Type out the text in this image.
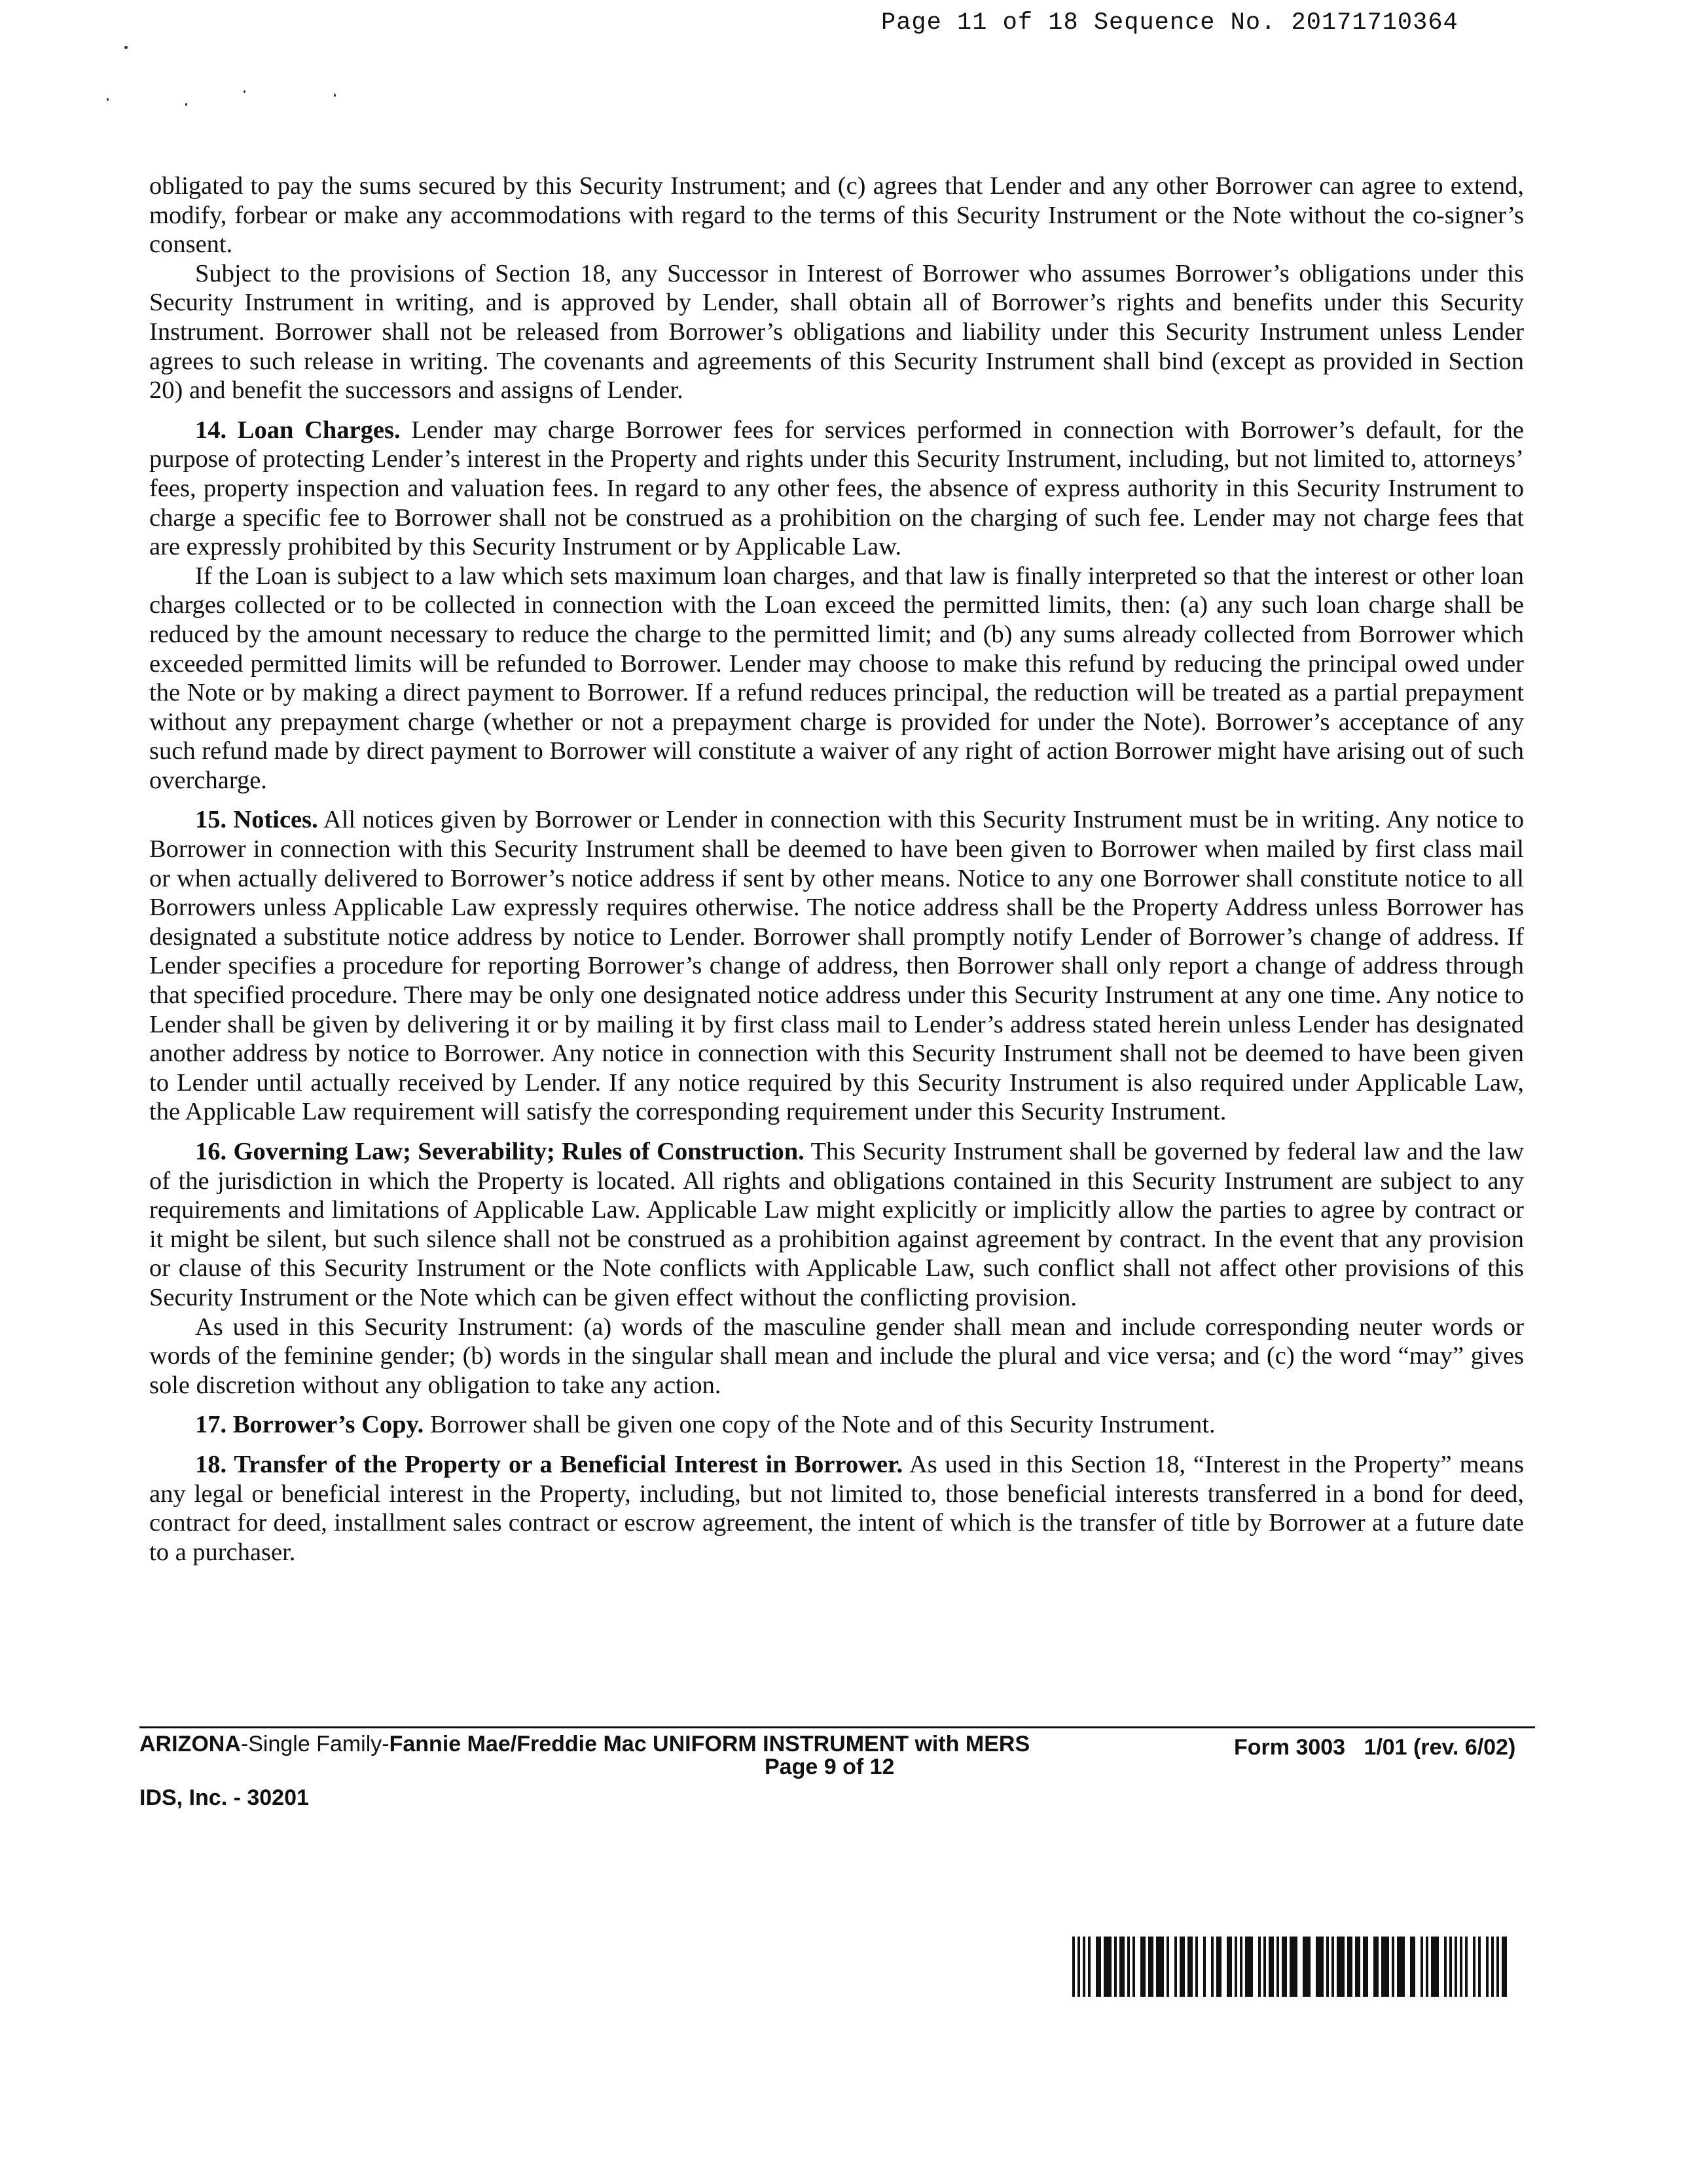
Page 11 of 18 Sequence No. 20171710364

obligated to pay the sums secured by this Security Instrument; and (c) agrees that Lender and any other Borrower can agree to extend, modify, forbear or make any accommodations with regard to the terms of this Security Instrument or the Note without the co-signer’s consent.

Subject to the provisions of Section 18, any Successor in Interest of Borrower who assumes Borrower’s obligations under this Security Instrument in writing, and is approved by Lender, shall obtain all of Borrower’s rights and benefits under this Security Instrument. Borrower shall not be released from Borrower’s obligations and liability under this Security Instrument unless Lender agrees to such release in writing. The covenants and agreements of this Security Instrument shall bind (except as provided in Section 20) and benefit the successors and assigns of Lender.

14. Loan Charges. Lender may charge Borrower fees for services performed in connection with Borrower’s default, for the purpose of protecting Lender’s interest in the Property and rights under this Security Instrument, including, but not limited to, attorneys’ fees, property inspection and valuation fees. In regard to any other fees, the absence of express authority in this Security Instrument to charge a specific fee to Borrower shall not be construed as a prohibition on the charging of such fee. Lender may not charge fees that are expressly prohibited by this Security Instrument or by Applicable Law.

If the Loan is subject to a law which sets maximum loan charges, and that law is finally interpreted so that the interest or other loan charges collected or to be collected in connection with the Loan exceed the permitted limits, then: (a) any such loan charge shall be reduced by the amount necessary to reduce the charge to the permitted limit; and (b) any sums already collected from Borrower which exceeded permitted limits will be refunded to Borrower. Lender may choose to make this refund by reducing the principal owed under the Note or by making a direct payment to Borrower. If a refund reduces principal, the reduction will be treated as a partial prepayment without any prepayment charge (whether or not a prepayment charge is provided for under the Note). Borrower’s acceptance of any such refund made by direct payment to Borrower will constitute a waiver of any right of action Borrower might have arising out of such overcharge.

15. Notices. All notices given by Borrower or Lender in connection with this Security Instrument must be in writing. Any notice to Borrower in connection with this Security Instrument shall be deemed to have been given to Borrower when mailed by first class mail or when actually delivered to Borrower’s notice address if sent by other means. Notice to any one Borrower shall constitute notice to all Borrowers unless Applicable Law expressly requires otherwise. The notice address shall be the Property Address unless Borrower has designated a substitute notice address by notice to Lender. Borrower shall promptly notify Lender of Borrower’s change of address. If Lender specifies a procedure for reporting Borrower’s change of address, then Borrower shall only report a change of address through that specified procedure. There may be only one designated notice address under this Security Instrument at any one time. Any notice to Lender shall be given by delivering it or by mailing it by first class mail to Lender’s address stated herein unless Lender has designated another address by notice to Borrower. Any notice in connection with this Security Instrument shall not be deemed to have been given to Lender until actually received by Lender. If any notice required by this Security Instrument is also required under Applicable Law, the Applicable Law requirement will satisfy the corresponding requirement under this Security Instrument.

16. Governing Law; Severability; Rules of Construction. This Security Instrument shall be governed by federal law and the law of the jurisdiction in which the Property is located. All rights and obligations contained in this Security Instrument are subject to any requirements and limitations of Applicable Law. Applicable Law might explicitly or implicitly allow the parties to agree by contract or it might be silent, but such silence shall not be construed as a prohibition against agreement by contract. In the event that any provision or clause of this Security Instrument or the Note conflicts with Applicable Law, such conflict shall not affect other provisions of this Security Instrument or the Note which can be given effect without the conflicting provision.

As used in this Security Instrument: (a) words of the masculine gender shall mean and include corresponding neuter words or words of the feminine gender; (b) words in the singular shall mean and include the plural and vice versa; and (c) the word “may” gives sole discretion without any obligation to take any action.

17. Borrower’s Copy. Borrower shall be given one copy of the Note and of this Security Instrument.

18. Transfer of the Property or a Beneficial Interest in Borrower. As used in this Section 18, “Interest in the Property” means any legal or beneficial interest in the Property, including, but not limited to, those beneficial interests transferred in a bond for deed, contract for deed, installment sales contract or escrow agreement, the intent of which is the transfer of title by Borrower at a future date to a purchaser.

ARIZONA-Single Family-Fannie Mae/Freddie Mac UNIFORM INSTRUMENT with MERS
Page 9 of 12
Form 3003   1/01 (rev. 6/02)
IDS, Inc. - 30201
